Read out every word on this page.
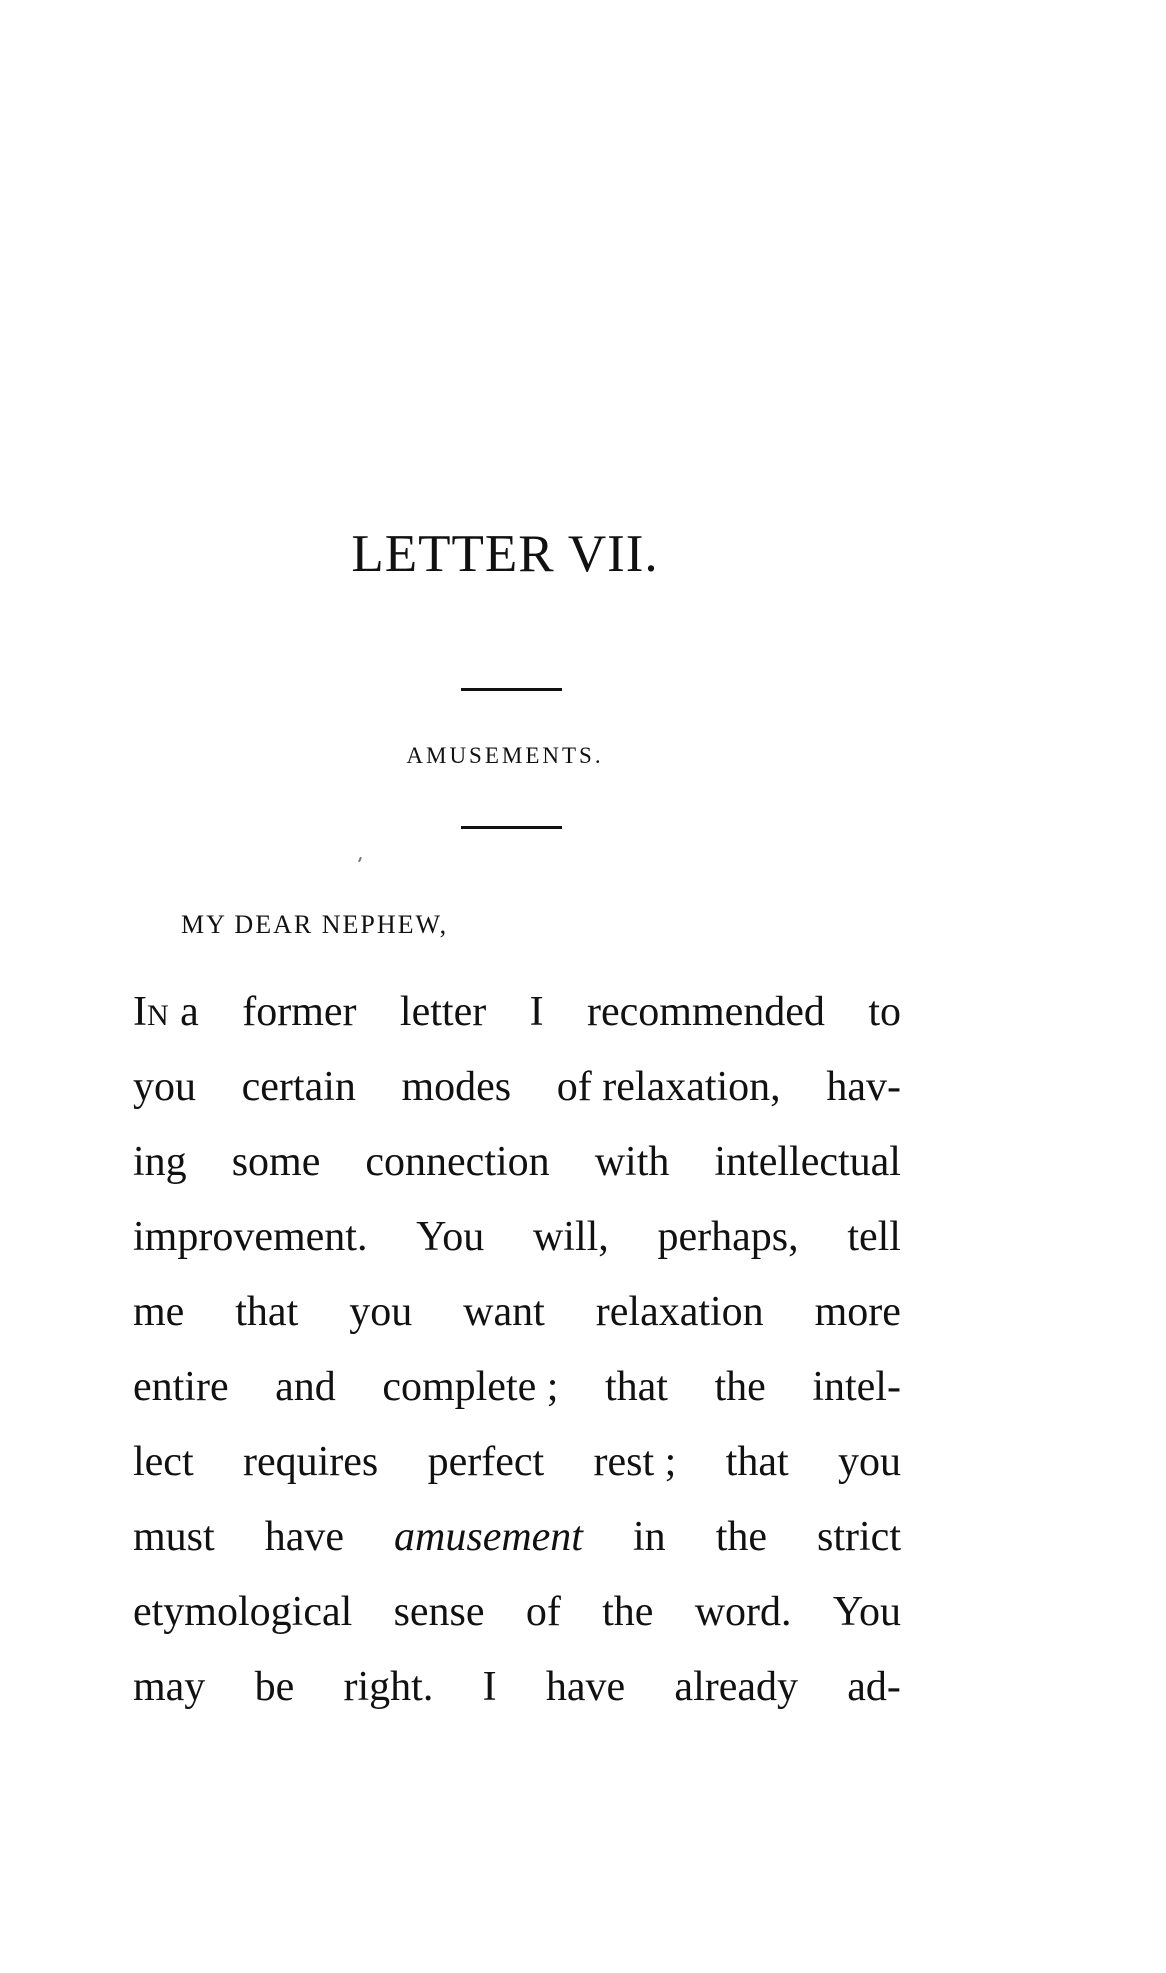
LETTER VII.
AMUSEMENTS.
MY DEAR NEPHEW,
IN a former letter I recommended to
you certain modes of relaxation, hav-
ing some connection with intellectual
improvement. You will, perhaps, tell
me that you want relaxation more
entire and complete ; that the intel-
lect requires perfect rest ; that you
must have amusement in the strict
etymological sense of the word. You
may be right. I have already ad-
